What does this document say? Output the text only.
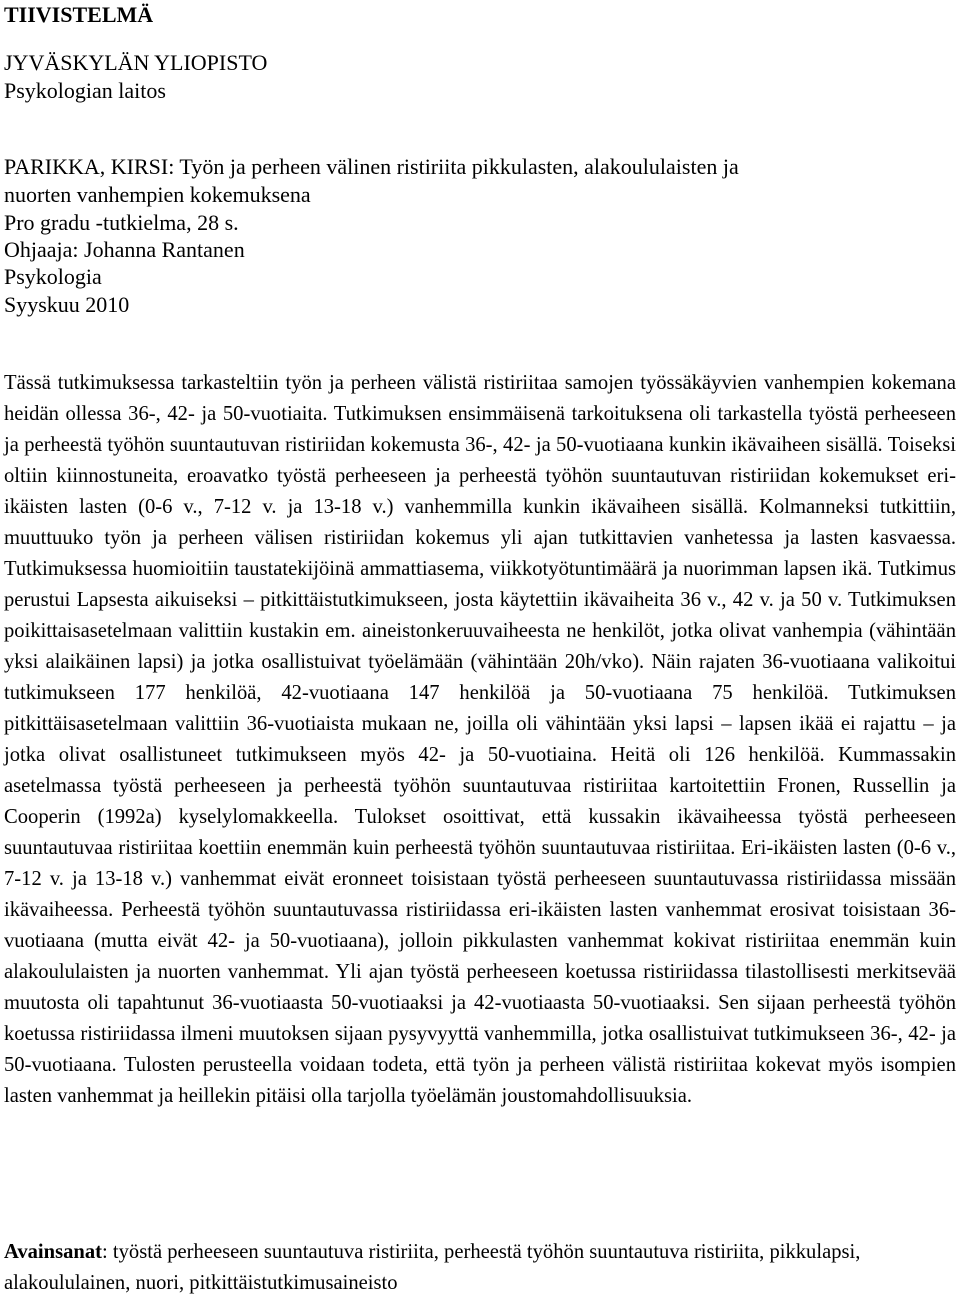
TIIVISTELMÄ
JYVÄSKYLÄN YLIOPISTO
Psykologian laitos
PARIKKA, KIRSI: Työn ja perheen välinen ristiriita pikkulasten, alakoululaisten ja
nuorten vanhempien kokemuksena
Pro gradu -tutkielma, 28 s.
Ohjaaja: Johanna Rantanen
Psykologia
Syyskuu 2010

Tässä tutkimuksessa tarkasteltiin työn ja perheen välistä ristiriitaa samojen työssäkäyvien vanhempien kokemana heidän ollessa 36-, 42- ja 50-vuotiaita. Tutkimuksen ensimmäisenä tarkoituksena oli tarkastella työstä perheeseen ja perheestä työhön suuntautuvan ristiriidan kokemusta 36-, 42- ja 50-vuotiaana kunkin ikävaiheen sisällä. Toiseksi oltiin kiinnostuneita, eroavatko työstä perheeseen ja perheestä työhön suuntautuvan ristiriidan kokemukset eri-ikäisten lasten (0-6 v., 7-12 v. ja 13-18 v.) vanhemmilla kunkin ikävaiheen sisällä. Kolmanneksi tutkittiin, muuttuuko työn ja perheen välisen ristiriidan kokemus yli ajan tutkittavien vanhetessa ja lasten kasvaessa. Tutkimuksessa huomioitiin taustatekijöinä ammattiasema, viikkotyötuntimäärä ja nuorimman lapsen ikä. Tutkimus perustui Lapsesta aikuiseksi – pitkittäistutkimukseen, josta käytettiin ikävaiheita 36 v., 42 v. ja 50 v. Tutkimuksen poikittaisasetelmaan valittiin kustakin em. aineistonkeruuvaiheesta ne henkilöt, jotka olivat vanhempia (vähintään yksi alaikäinen lapsi) ja jotka osallistuivat työelämään (vähintään 20h/vko). Näin rajaten 36-vuotiaana valikoitui tutkimukseen 177 henkilöä, 42-vuotiaana 147 henkilöä ja 50-vuotiaana 75 henkilöä. Tutkimuksen pitkittäisasetelmaan valittiin 36-vuotiaista mukaan ne, joilla oli vähintään yksi lapsi – lapsen ikää ei rajattu – ja jotka olivat osallistuneet tutkimukseen myös 42- ja 50-vuotiaina. Heitä oli 126 henkilöä. Kummassakin asetelmassa työstä perheeseen ja perheestä työhön suuntautuvaa ristiriitaa kartoitettiin Fronen, Russellin ja Cooperin (1992a) kyselylomakkeella. Tulokset osoittivat, että kussakin ikävaiheessa työstä perheeseen suuntautuvaa ristiriitaa koettiin enemmän kuin perheestä työhön suuntautuvaa ristiriitaa. Eri-ikäisten lasten (0-6 v., 7-12 v. ja 13-18 v.) vanhemmat eivät eronneet toisistaan työstä perheeseen suuntautuvassa ristiriidassa missään ikävaiheessa. Perheestä työhön suuntautuvassa ristiriidassa eri-ikäisten lasten vanhemmat erosivat toisistaan 36-vuotiaana (mutta eivät 42- ja 50-vuotiaana), jolloin pikkulasten vanhemmat kokivat ristiriitaa enemmän kuin alakoululaisten ja nuorten vanhemmat. Yli ajan työstä perheeseen koetussa ristiriidassa tilastollisesti merkitsevää muutosta oli tapahtunut 36-vuotiaasta 50-vuotiaaksi ja 42-vuotiaasta 50-vuotiaaksi. Sen sijaan perheestä työhön koetussa ristiriidassa ilmeni muutoksen sijaan pysyvyyttä vanhemmilla, jotka osallistuivat tutkimukseen 36-, 42- ja 50-vuotiaana. Tulosten perusteella voidaan todeta, että työn ja perheen välistä ristiriitaa kokevat myös isompien lasten vanhemmat ja heillekin pitäisi olla tarjolla työelämän joustomahdollisuuksia.

Avainsanat: työstä perheeseen suuntautuva ristiriita, perheestä työhön suuntautuva ristiriita, pikkulapsi, alakoululainen, nuori, pitkittäistutkimusaineisto
